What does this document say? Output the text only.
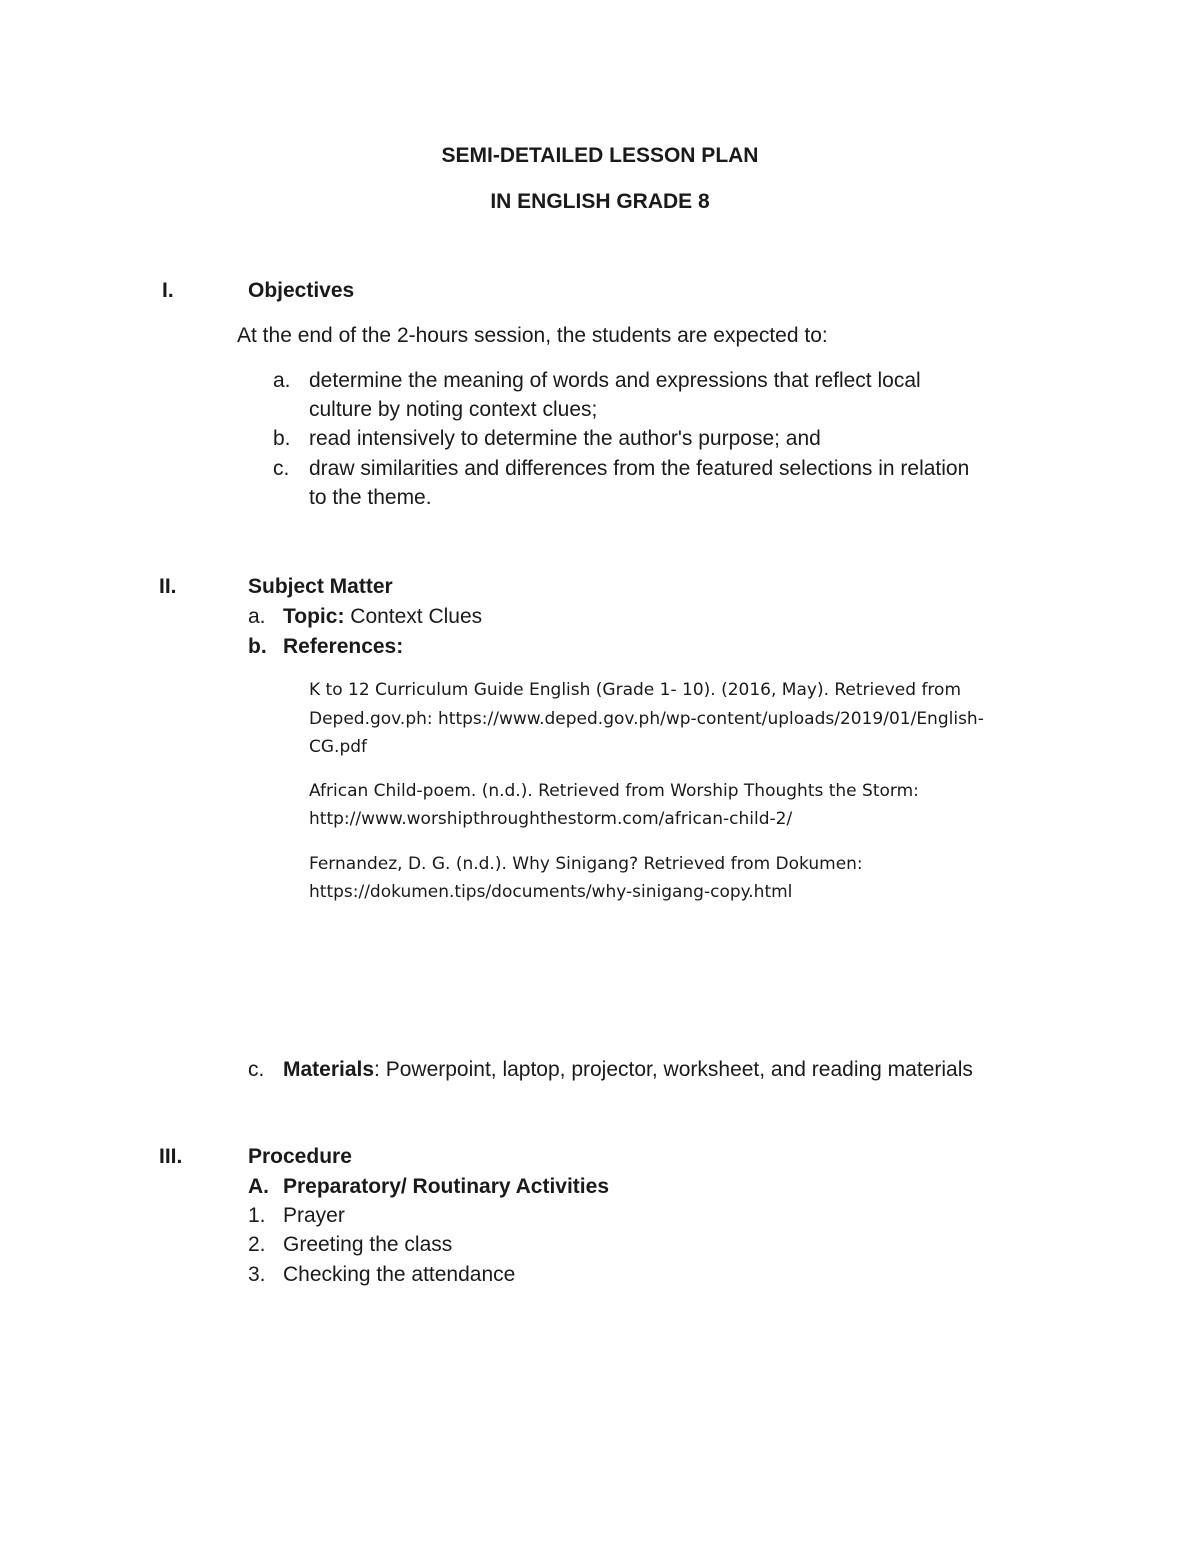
SEMI-DETAILED LESSON PLAN
IN ENGLISH GRADE 8
I.	Objectives
At the end of the 2-hours session, the students are expected to:
a. determine the meaning of words and expressions that reflect local
culture by noting context clues;
b. read intensively to determine the author's purpose; and
c. draw similarities and differences from the featured selections in relation
to the theme.
II.	Subject Matter
a. Topic: Context Clues
b. References:
K to 12 Curriculum Guide English (Grade 1- 10). (2016, May). Retrieved from
Deped.gov.ph: https://www.deped.gov.ph/wp-content/uploads/2019/01/English-
CG.pdf
African Child-poem. (n.d.). Retrieved from Worship Thoughts the Storm:
http://www.worshipthroughthestorm.com/african-child-2/
Fernandez, D. G. (n.d.). Why Sinigang? Retrieved from Dokumen:
https://dokumen.tips/documents/why-sinigang-copy.html
c. Materials: Powerpoint, laptop, projector, worksheet, and reading materials
III.	Procedure
A. Preparatory/ Routinary Activities
1. Prayer
2. Greeting the class
3. Checking the attendance
